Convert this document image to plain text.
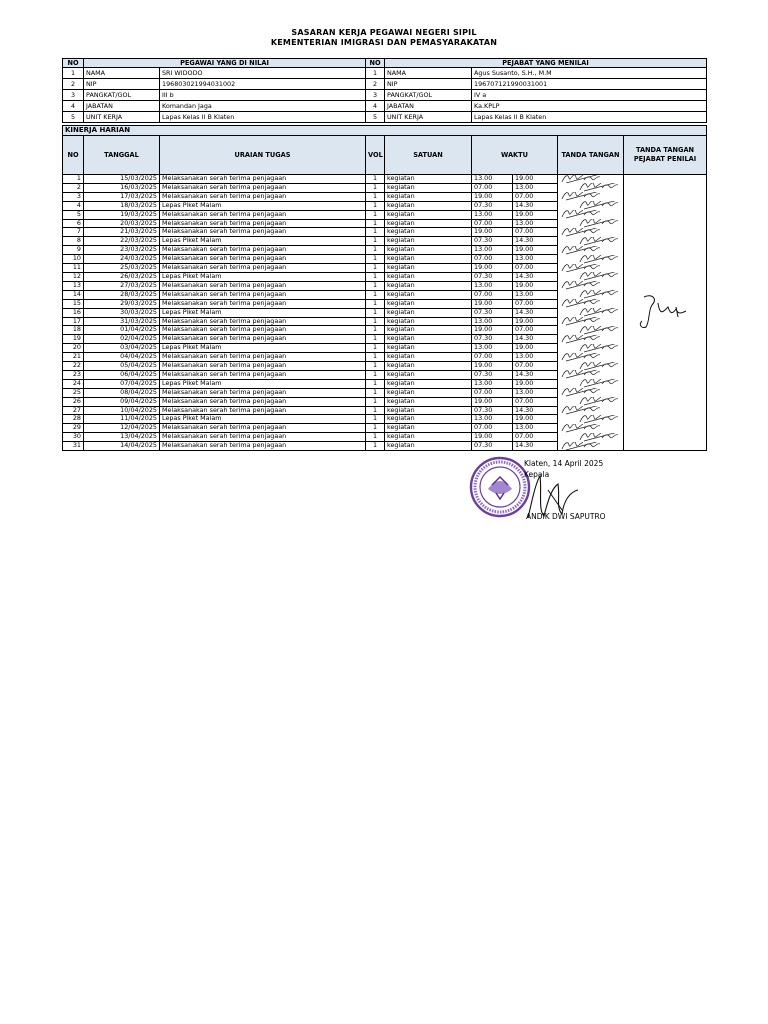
SASARAN KERJA PEGAWAI NEGERI SIPIL
KEMENTERIAN IMIGRASI DAN PEMASYARAKATAN
NO	PEGAWAI YANG DI NILAI		NO	PEJABAT YANG MENILAI	
1	NAMA	SRI WIDODO	1	NAMA	Agus Susanto, S.H., M.M
2	NIP	196803021994031002	2	NIP	196707121990031001
3	PANGKAT/GOL	III b	3	PANGKAT/GOL	IV a
4	JABATAN	Komandan Jaga	4	JABATAN	Ka.KPLP
5	UNIT KERJA	Lapas Kelas II B Klaten	5	UNIT KERJA	Lapas Kelas II B Klaten
KINERJA HARIAN								
NO	TANGGAL	URAIAN TUGAS	VOL	SATUAN	WAKTU		TANDA TANGAN	TANDA TANGAN PEJABAT PENILAI
1	15/03/2025	Melaksanakan serah terima penjagaan	1	kegiatan	13.00	19.00	

2	16/03/2025	Melaksanakan serah terima penjagaan	1	kegiatan	07.00	13.00	

3	17/03/2025	Melaksanakan serah terima penjagaan	1	kegiatan	19.00	07.00	

4	18/03/2025	Lepas Piket Malam	1	kegiatan	07.30	14.30	

5	19/03/2025	Melaksanakan serah terima penjagaan	1	kegiatan	13.00	19.00	

6	20/03/2025	Melaksanakan serah terima penjagaan	1	kegiatan	07.00	13.00	

7	21/03/2025	Melaksanakan serah terima penjagaan	1	kegiatan	19.00	07.00	

8	22/03/2025	Lepas Piket Malam	1	kegiatan	07.30	14.30	

9	23/03/2025	Melaksanakan serah terima penjagaan	1	kegiatan	13.00	19.00	

10	24/03/2025	Melaksanakan serah terima penjagaan	1	kegiatan	07.00	13.00	

11	25/03/2025	Melaksanakan serah terima penjagaan	1	kegiatan	19.00	07.00	

12	26/03/2025	Lepas Piket Malam	1	kegiatan	07.30	14.30	

13	27/03/2025	Melaksanakan serah terima penjagaan	1	kegiatan	13.00	19.00	

14	28/03/2025	Melaksanakan serah terima penjagaan	1	kegiatan	07.00	13.00	

15	29/03/2025	Melaksanakan serah terima penjagaan	1	kegiatan	19.00	07.00	

16	30/03/2025	Lepas Piket Malam	1	kegiatan	07.30	14.30	

17	31/03/2025	Melaksanakan serah terima penjagaan	1	kegiatan	13.00	19.00	

18	01/04/2025	Melaksanakan serah terima penjagaan	1	kegiatan	19.00	07.00	

19	02/04/2025	Melaksanakan serah terima penjagaan	1	kegiatan	07.30	14.30	

20	03/04/2025	Lepas Piket Malam	1	kegiatan	13.00	19.00	

21	04/04/2025	Melaksanakan serah terima penjagaan	1	kegiatan	07.00	13.00	

22	05/04/2025	Melaksanakan serah terima penjagaan	1	kegiatan	19.00	07.00	

23	06/04/2025	Melaksanakan serah terima penjagaan	1	kegiatan	07.30	14.30	

24	07/04/2025	Lepas Piket Malam	1	kegiatan	13.00	19.00	

25	08/04/2025	Melaksanakan serah terima penjagaan	1	kegiatan	07.00	13.00	

26	09/04/2025	Melaksanakan serah terima penjagaan	1	kegiatan	19.00	07.00	

27	10/04/2025	Melaksanakan serah terima penjagaan	1	kegiatan	07.30	14.30	

28	11/04/2025	Lepas Piket Malam	1	kegiatan	13.00	19.00	

29	12/04/2025	Melaksanakan serah terima penjagaan	1	kegiatan	07.00	13.00	

30	13/04/2025	Melaksanakan serah terima penjagaan	1	kegiatan	19.00	07.00	

31	14/04/2025	Melaksanakan serah terima penjagaan	1	kegiatan	07.30	14.30	
Klaten, 14 April 2025
Kepala
ANDIK DWI SAPUTRO
